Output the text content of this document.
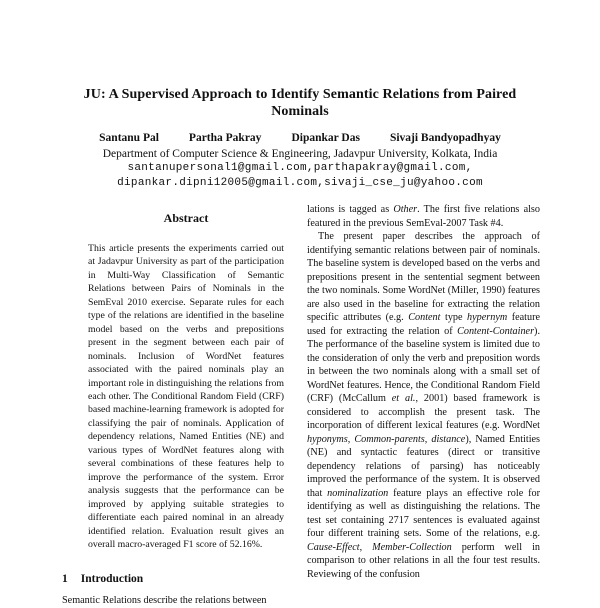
JU: A Supervised Approach to Identify Semantic Relations from Paired Nominals
Santanu Pal	Partha Pakray	Dipankar Das	Sivaji Bandyopadhyay
Department of Computer Science & Engineering, Jadavpur University, Kolkata, India
santanupersonal1@gmail.com,parthapakray@gmail.com,
dipankar.dipni12005@gmail.com,sivaji_cse_ju@yahoo.com
Abstract
This article presents the experiments carried out at Jadavpur University as part of the participation in Multi-Way Classification of Semantic Relations between Pairs of Nominals in the SemEval 2010 exercise. Separate rules for each type of the relations are identified in the baseline model based on the verbs and prepositions present in the segment between each pair of nominals. Inclusion of WordNet features associated with the paired nominals play an important role in distinguishing the relations from each other. The Conditional Random Field (CRF) based machine-learning framework is adopted for classifying the pair of nominals. Application of dependency relations, Named Entities (NE) and various types of WordNet features along with several combinations of these features help to improve the performance of the system. Error analysis suggests that the performance can be improved by applying suitable strategies to differentiate each paired nominal in an already identified relation. Evaluation result gives an overall macro-averaged F1 score of 52.16%.
1 Introduction
Semantic Relations describe the relations between
lations is tagged as Other. The first five relations also featured in the previous SemEval-2007 Task #4.
The present paper describes the approach of identifying semantic relations between pair of nominals. The baseline system is developed based on the verbs and prepositions present in the sentential segment between the two nominals. Some WordNet (Miller, 1990) features are also used in the baseline for extracting the relation specific attributes (e.g. Content type hypernym feature used for extracting the relation of Content-Container). The performance of the baseline system is limited due to the consideration of only the verb and preposition words in between the two nominals along with a small set of WordNet features. Hence, the Conditional Random Field (CRF) (McCallum et al., 2001) based framework is considered to accomplish the present task. The incorporation of different lexical features (e.g. WordNet hyponyms, Common-parents, distance), Named Entities (NE) and syntactic features (direct or transitive dependency relations of parsing) has noticeably improved the performance of the system. It is observed that nominalization feature plays an effective role for identifying as well as distinguishing the relations. The test set containing 2717 sentences is evaluated against four different training sets. Some of the relations, e.g. Cause-Effect, Member-Collection perform well in comparison to other relations in all the four test results. Reviewing of the confusion
